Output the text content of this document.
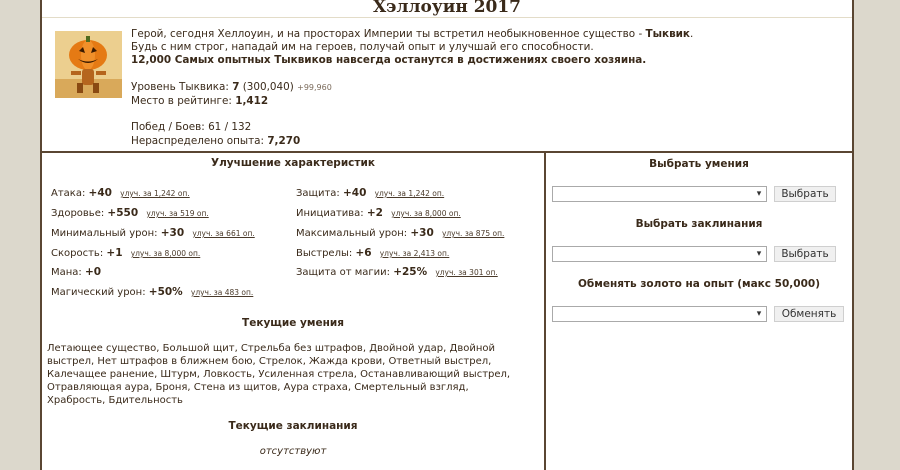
Хэллоуин 2017
Герой, сегодня Хеллоуин, и на просторах Империи ты встретил необыкновенное существо - Тыквик.
Будь с ним строг, нападай им на героев, получай опыт и улучшай его способности.
12,000 Самых опытных Тыквиков навсегда останутся в достижениях своего хозяина.
Уровень Тыквика: 7 (300,040) +99,960
Место в рейтинге: 1,412
Побед / Боев: 61 / 132
Нераспределено опыта: 7,270
Улучшение характеристик
Атака: +40 улуч. за 1,242 оп.	Защита: +40 улуч. за 1,242 оп.
Здоровье: +550 улуч. за 519 оп.	Инициатива: +2 улуч. за 8,000 оп.
Минимальный урон: +30 улуч. за 661 оп.	Максимальный урон: +30 улуч. за 875 оп.
Скорость: +1 улуч. за 8,000 оп.	Выстрелы: +6 улуч. за 2,413 оп.
Мана: +0	Защита от магии: +25% улуч. за 301 оп.
Магический урон: +50% улуч. за 483 оп.
Текущие умения
Летающее существо, Большой щит, Стрельба без штрафов, Двойной удар, Двойной выстрел, Нет штрафов в ближнем бою, Стрелок, Жажда крови, Ответный выстрел, Калечащее ранение, Штурм, Ловкость, Усиленная стрела, Останавливающий выстрел, Отравляющая аура, Броня, Стена из щитов, Аура страха, Смертельный взгляд, Храбрость, Бдительность
Текущие заклинания
отсутствуют
Выбрать умения
▾	Выбрать
Выбрать заклинания
▾	Выбрать
Обменять золото на опыт (макс 50,000)
▾	Обменять
